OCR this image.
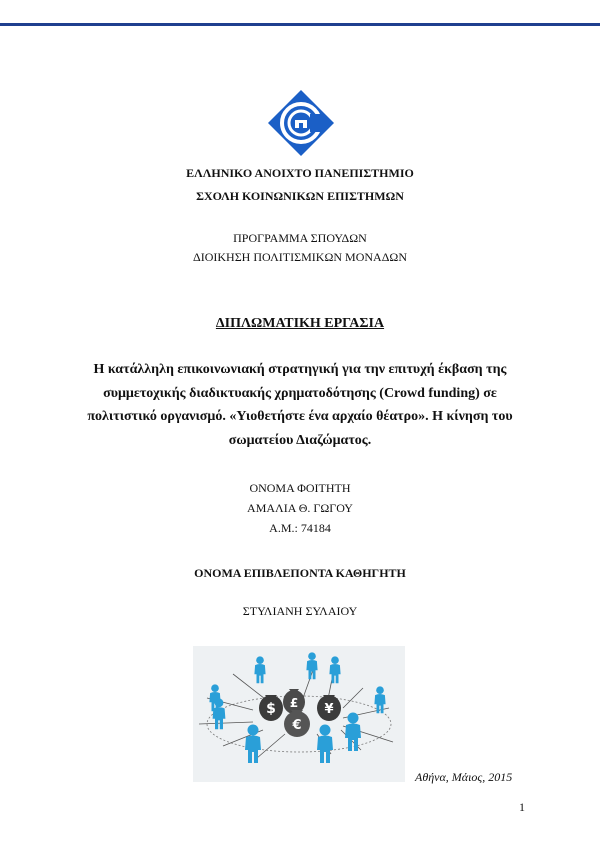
ΕΛΛΗΝΙΚΟ ΑΝΟΙΧΤΟ ΠΑΝΕΠΙΣΤΗΜΙΟ
ΣΧΟΛΗ ΚΟΙΝΩΝΙΚΩΝ ΕΠΙΣΤΗΜΩΝ
ΠΡΟΓΡΑΜΜΑ ΣΠΟΥΔΩΝ
ΔΙΟΙΚΗΣΗ ΠΟΛΙΤΙΣΜΙΚΩΝ ΜΟΝΑΔΩΝ
ΔΙΠΛΩΜΑΤΙΚΗ ΕΡΓΑΣΙΑ
Η κατάλληλη επικοινωνιακή στρατηγική για την επιτυχή έκβαση της
συμμετοχικής διαδικτυακής χρηματοδότησης (Crowd funding) σε
πολιτιστικό οργανισμό. «Υιοθετήστε ένα αρχαίο θέατρο». Η κίνηση του
σωματείου Διαζώματος.
ΟΝΟΜΑ ΦΟΙΤΗΤΗ
ΑΜΑΛΙΑ Θ. ΓΩΓΟΥ
Α.Μ.: 74184
ΟΝΟΜΑ ΕΠΙΒΛΕΠΟΝΤΑ ΚΑΘΗΓΗΤΗ
ΣΤΥΛΙΑΝΗ ΣΥΛΑΙΟΥ
$ £
€
¥
Αθήνα, Μάιος, 2015
1
